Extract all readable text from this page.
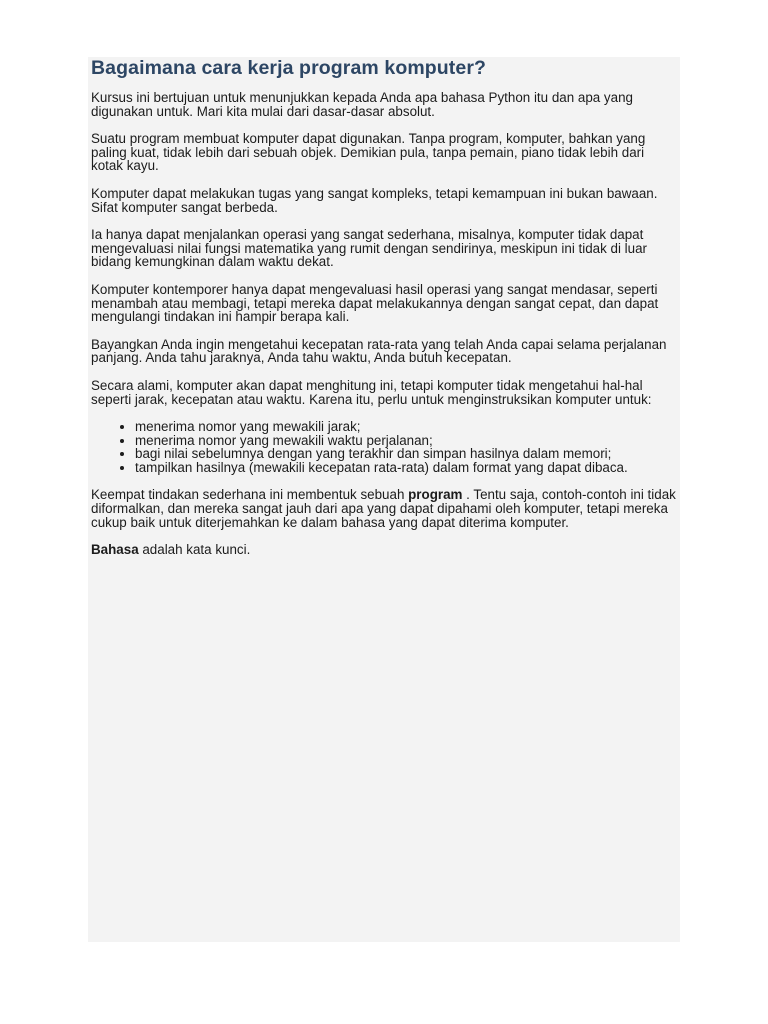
Bagaimana cara kerja program komputer?

Kursus ini bertujuan untuk menunjukkan kepada Anda apa bahasa Python itu dan apa yang digunakan untuk. Mari kita mulai dari dasar-dasar absolut.

Suatu program membuat komputer dapat digunakan. Tanpa program, komputer, bahkan yang paling kuat, tidak lebih dari sebuah objek. Demikian pula, tanpa pemain, piano tidak lebih dari kotak kayu.

Komputer dapat melakukan tugas yang sangat kompleks, tetapi kemampuan ini bukan bawaan. Sifat komputer sangat berbeda.

Ia hanya dapat menjalankan operasi yang sangat sederhana, misalnya, komputer tidak dapat mengevaluasi nilai fungsi matematika yang rumit dengan sendirinya, meskipun ini tidak di luar bidang kemungkinan dalam waktu dekat.

Komputer kontemporer hanya dapat mengevaluasi hasil operasi yang sangat mendasar, seperti menambah atau membagi, tetapi mereka dapat melakukannya dengan sangat cepat, dan dapat mengulangi tindakan ini hampir berapa kali.

Bayangkan Anda ingin mengetahui kecepatan rata-rata yang telah Anda capai selama perjalanan panjang. Anda tahu jaraknya, Anda tahu waktu, Anda butuh kecepatan.

Secara alami, komputer akan dapat menghitung ini, tetapi komputer tidak mengetahui hal-hal seperti jarak, kecepatan atau waktu. Karena itu, perlu untuk menginstruksikan komputer untuk:

• menerima nomor yang mewakili jarak;
• menerima nomor yang mewakili waktu perjalanan;
• bagi nilai sebelumnya dengan yang terakhir dan simpan hasilnya dalam memori;
• tampilkan hasilnya (mewakili kecepatan rata-rata) dalam format yang dapat dibaca.

Keempat tindakan sederhana ini membentuk sebuah program . Tentu saja, contoh-contoh ini tidak diformalkan, dan mereka sangat jauh dari apa yang dapat dipahami oleh komputer, tetapi mereka cukup baik untuk diterjemahkan ke dalam bahasa yang dapat diterima komputer.

Bahasa adalah kata kunci.
